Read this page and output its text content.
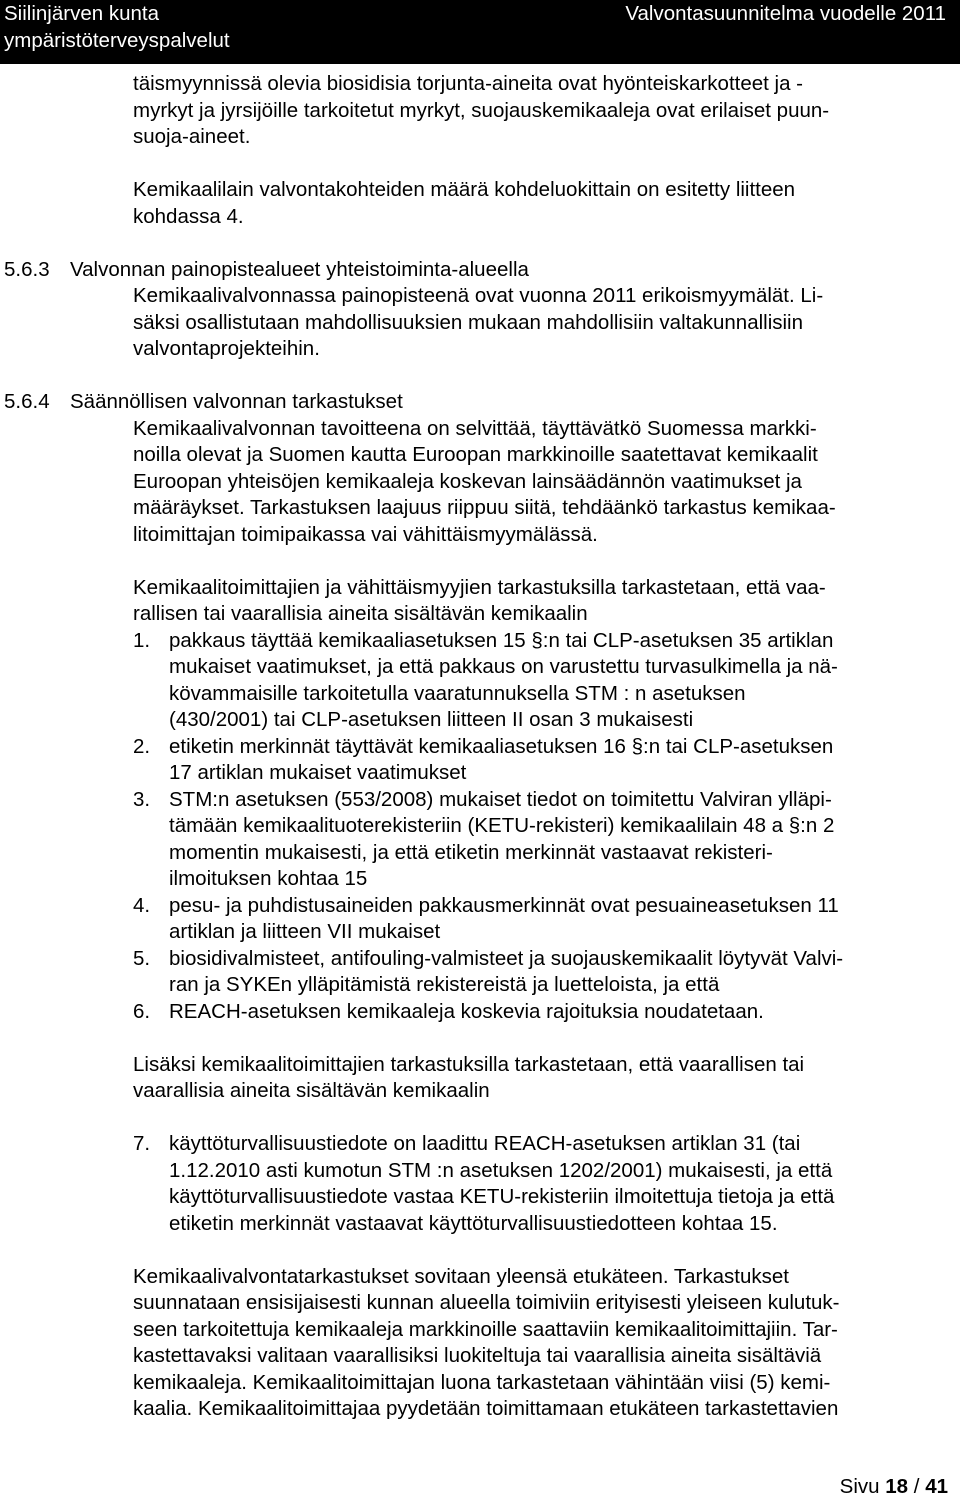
Siilinjärven kunta
ympäristöterveyspalvelut
Valvontasuunnitelma vuodelle 2011
täismyynnissä olevia biosidisia torjunta-aineita ovat hyönteiskarkotteet ja -
myrkyt ja jyrsijöille tarkoitetut myrkyt, suojauskemikaaleja ovat erilaiset puun-
suoja-aineet.
Kemikaalilain valvontakohteiden määrä kohdeluokittain on esitetty liitteen
kohdassa 4.
5.6.3 Valvonnan painopistealueet yhteistoiminta-alueella
Kemikaalivalvonnassa painopisteenä ovat vuonna 2011 erikoismyymälät. Li-
säksi osallistutaan mahdollisuuksien mukaan mahdollisiin valtakunnallisiin
valvontaprojekteihin.
5.6.4 Säännöllisen valvonnan tarkastukset
Kemikaalivalvonnan tavoitteena on selvittää, täyttävätkö Suomessa markki-
noilla olevat ja Suomen kautta Euroopan markkinoille saatettavat kemikaalit
Euroopan yhteisöjen kemikaaleja koskevan lainsäädännön vaatimukset ja
määräykset. Tarkastuksen laajuus riippuu siitä, tehdäänkö tarkastus kemikaa-
litoimittajan toimipaikassa vai vähittäismyymälässä.
Kemikaalitoimittajien ja vähittäismyyjien tarkastuksilla tarkastetaan, että vaa-
rallisen tai vaarallisia aineita sisältävän kemikaalin
1. pakkaus täyttää kemikaaliasetuksen 15 §:n tai CLP-asetuksen 35 artiklan
mukaiset vaatimukset, ja että pakkaus on varustettu turvasulkimella ja nä-
kövammaisille tarkoitetulla vaaratunnuksella STM : n asetuksen
(430/2001) tai CLP-asetuksen liitteen II osan 3 mukaisesti
2. etiketin merkinnät täyttävät kemikaaliasetuksen 16 §:n tai CLP-asetuksen
17 artiklan mukaiset vaatimukset
3. STM:n asetuksen (553/2008) mukaiset tiedot on toimitettu Valviran ylläpi-
tämään kemikaalituoterekisteriin (KETU-rekisteri) kemikaalilain 48 a §:n 2
momentin mukaisesti, ja että etiketin merkinnät vastaavat rekisteri-
ilmoituksen kohtaa 15
4. pesu- ja puhdistusaineiden pakkausmerkinnät ovat pesuaineasetuksen 11
artiklan ja liitteen VII mukaiset
5. biosidivalmisteet, antifouling-valmisteet ja suojauskemikaalit löytyvät Valvi-
ran ja SYKEn ylläpitämistä rekistereistä ja luetteloista, ja että
6. REACH-asetuksen kemikaaleja koskevia rajoituksia noudatetaan.
Lisäksi kemikaalitoimittajien tarkastuksilla tarkastetaan, että vaarallisen tai
vaarallisia aineita sisältävän kemikaalin
7. käyttöturvallisuustiedote on laadittu REACH-asetuksen artiklan 31 (tai
1.12.2010 asti kumotun STM :n asetuksen 1202/2001) mukaisesti, ja että
käyttöturvallisuustiedote vastaa KETU-rekisteriin ilmoitettuja tietoja ja että
etiketin merkinnät vastaavat käyttöturvallisuustiedotteen kohtaa 15.
Kemikaalivalvontatarkastukset sovitaan yleensä etukäteen. Tarkastukset
suunnataan ensisijaisesti kunnan alueella toimiviin erityisesti yleiseen kulutuk-
seen tarkoitettuja kemikaaleja markkinoille saattaviin kemikaalitoimittajiin. Tar-
kastettavaksi valitaan vaarallisiksi luokiteltuja tai vaarallisia aineita sisältäviä
kemikaaleja. Kemikaalitoimittajan luona tarkastetaan vähintään viisi (5) kemi-
kaalia. Kemikaalitoimittajaa pyydetään toimittamaan etukäteen tarkastettavien
Sivu 18 / 41
